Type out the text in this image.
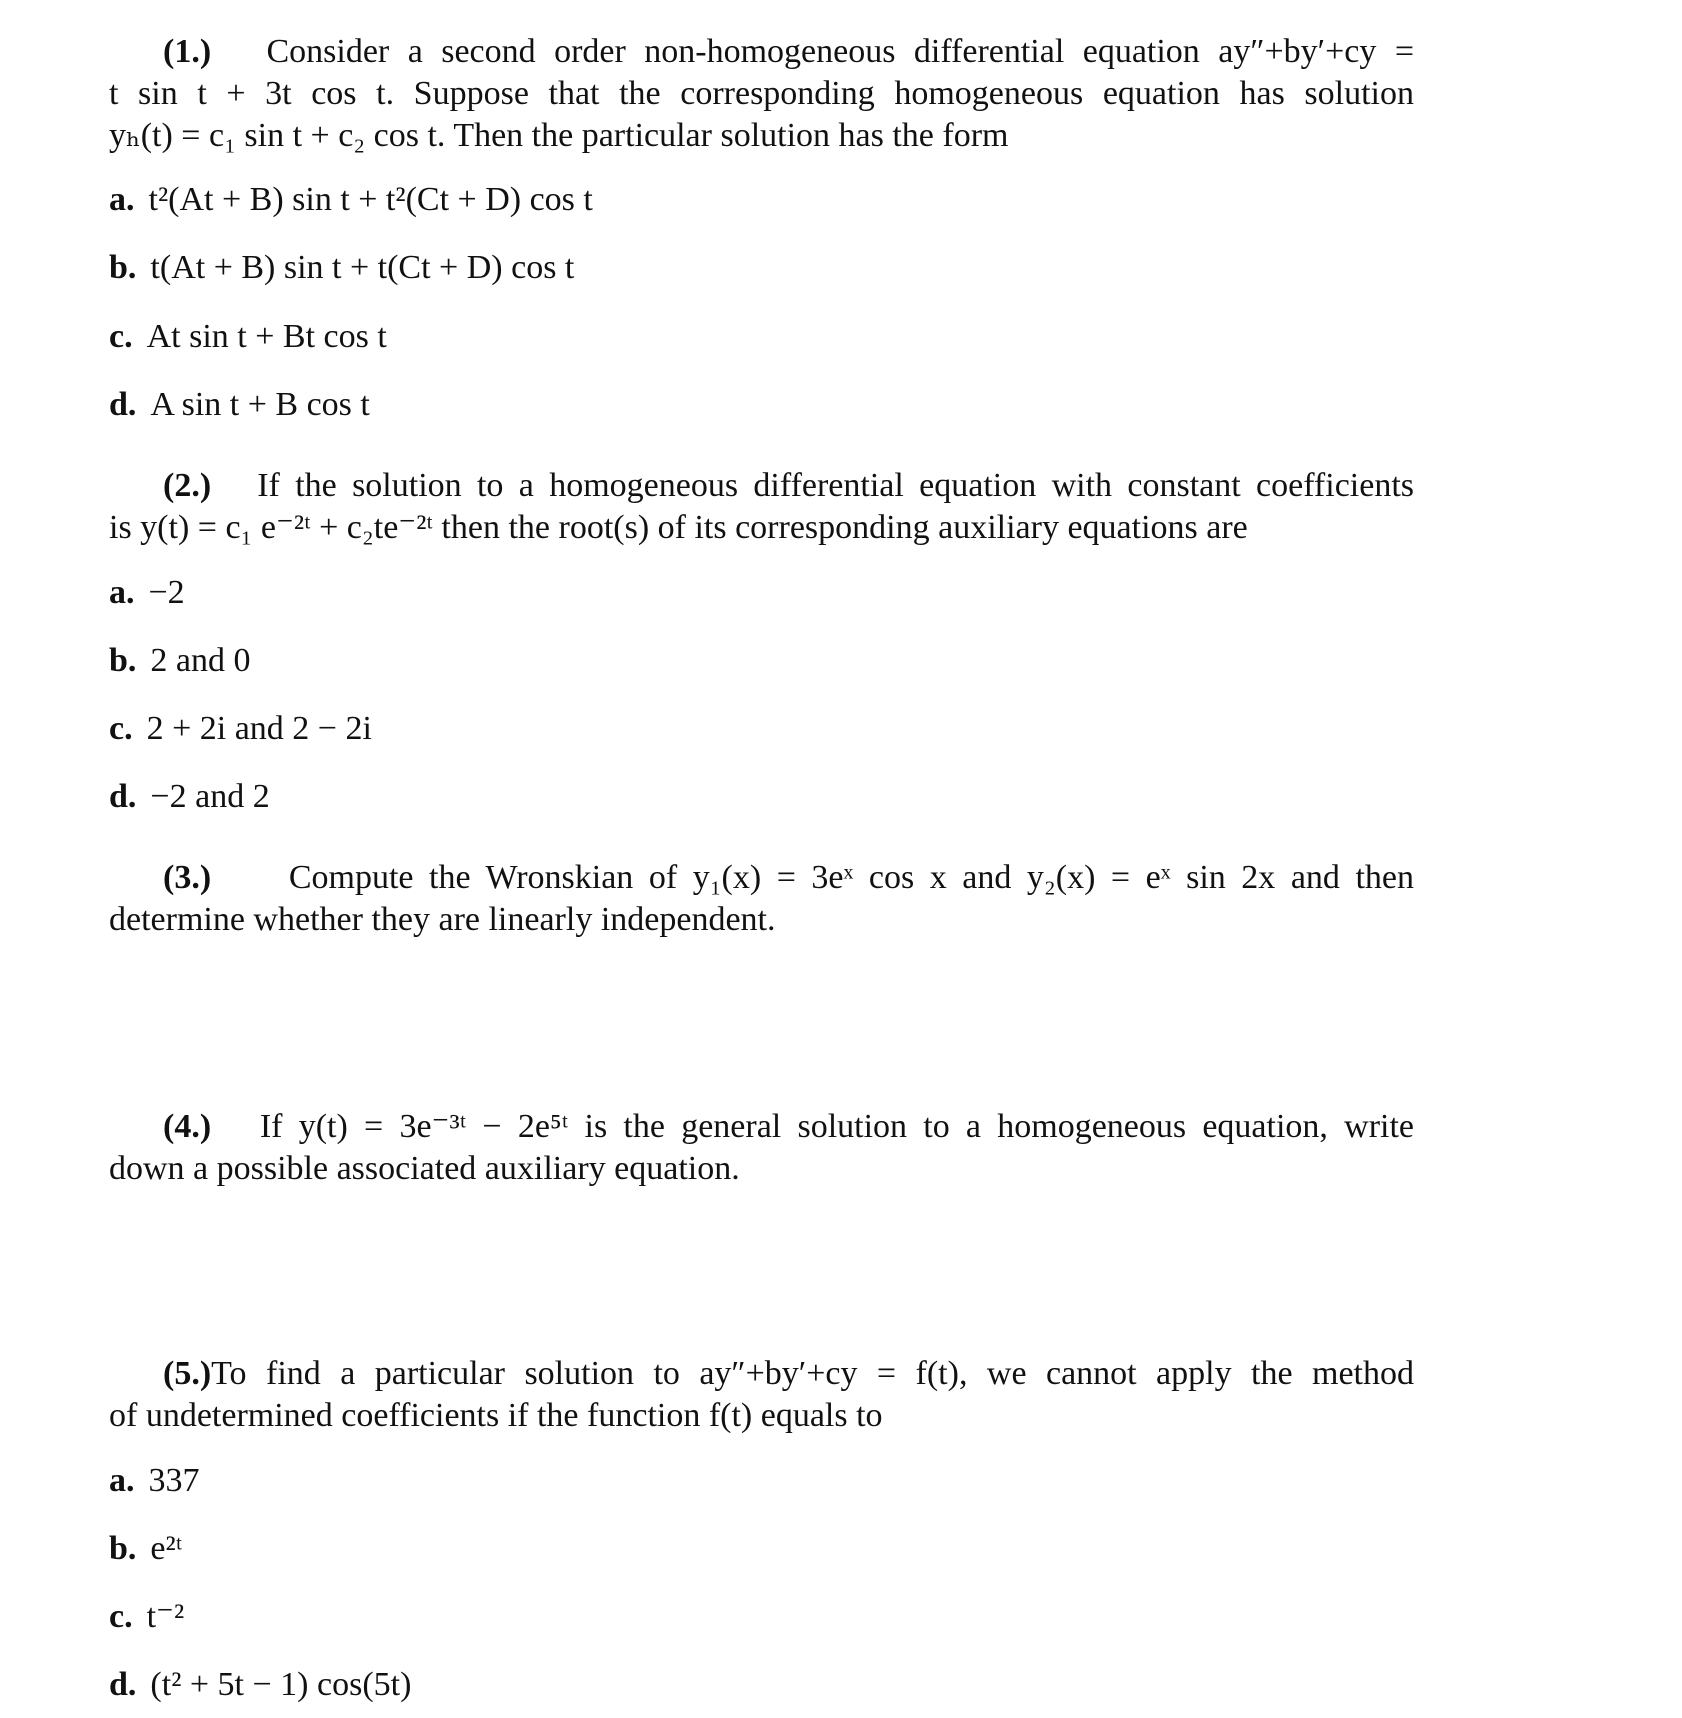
(1.) Consider a second order non-homogeneous differential equation ay″+by′+cy =
t sin t + 3t cos t. Suppose that the corresponding homogeneous equation has solution
yₕ(t) = c₁ sin t + c₂ cos t. Then the particular solution has the form
a. t²(At + B) sin t + t²(Ct + D) cos t
b. t(At + B) sin t + t(Ct + D) cos t
c. At sin t + Bt cos t
d. A sin t + B cos t
(2.) If the solution to a homogeneous differential equation with constant coefficients
is y(t) = c₁ e⁻²ᵗ + c₂te⁻²ᵗ then the root(s) of its corresponding auxiliary equations are
a. −2
b. 2 and 0
c. 2 + 2i and 2 − 2i
d. −2 and 2
(3.) Compute the Wronskian of y₁(x) = 3eˣ cos x and y₂(x) = eˣ sin 2x and then
determine whether they are linearly independent.
(4.) If y(t) = 3e⁻³ᵗ − 2e⁵ᵗ is the general solution to a homogeneous equation, write
down a possible associated auxiliary equation.
(5.)To find a particular solution to ay″+by′+cy = f(t), we cannot apply the method
of undetermined coefficients if the function f(t) equals to
a. 337
b. e²ᵗ
c. t⁻²
d. (t² + 5t − 1) cos(5t)
